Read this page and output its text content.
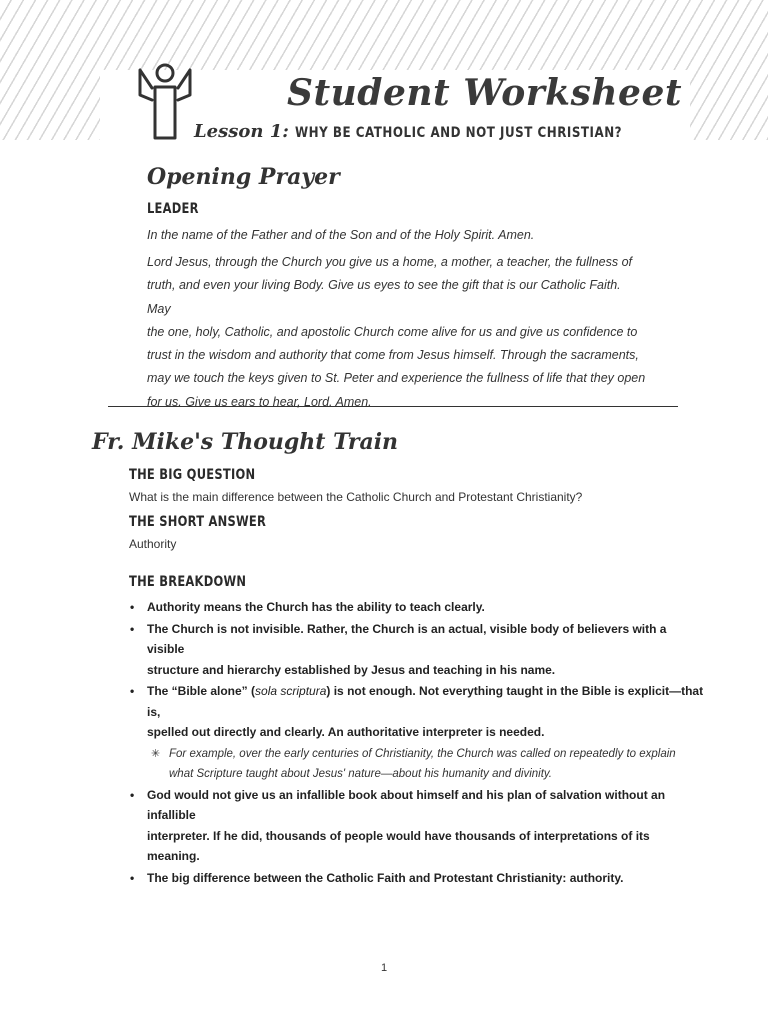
Student Worksheet
Lesson 1: WHY BE CATHOLIC AND NOT JUST CHRISTIAN?
Opening Prayer
LEADER
In the name of the Father and of the Son and of the Holy Spirit. Amen.
Lord Jesus, through the Church you give us a home, a mother, a teacher, the fullness of
truth, and even your living Body. Give us eyes to see the gift that is our Catholic Faith. May
the one, holy, Catholic, and apostolic Church come alive for us and give us confidence to
trust in the wisdom and authority that come from Jesus himself. Through the sacraments,
may we touch the keys given to St. Peter and experience the fullness of life that they open
for us. Give us ears to hear, Lord. Amen.
Fr. Mike's Thought Train
THE BIG QUESTION
What is the main difference between the Catholic Church and Protestant Christianity?
THE SHORT ANSWER
Authority
THE BREAKDOWN
• Authority means the Church has the ability to teach clearly.
• The Church is not invisible. Rather, the Church is an actual, visible body of believers with a visible
structure and hierarchy established by Jesus and teaching in his name.
• The “Bible alone” (sola scriptura) is not enough. Not everything taught in the Bible is explicit—that is,
spelled out directly and clearly. An authoritative interpreter is needed.
✳ For example, over the early centuries of Christianity, the Church was called on repeatedly to explain
what Scripture taught about Jesus' nature—about his humanity and divinity.
• God would not give us an infallible book about himself and his plan of salvation without an infallible
interpreter. If he did, thousands of people would have thousands of interpretations of its meaning.
• The big difference between the Catholic Faith and Protestant Christianity: authority.
1
